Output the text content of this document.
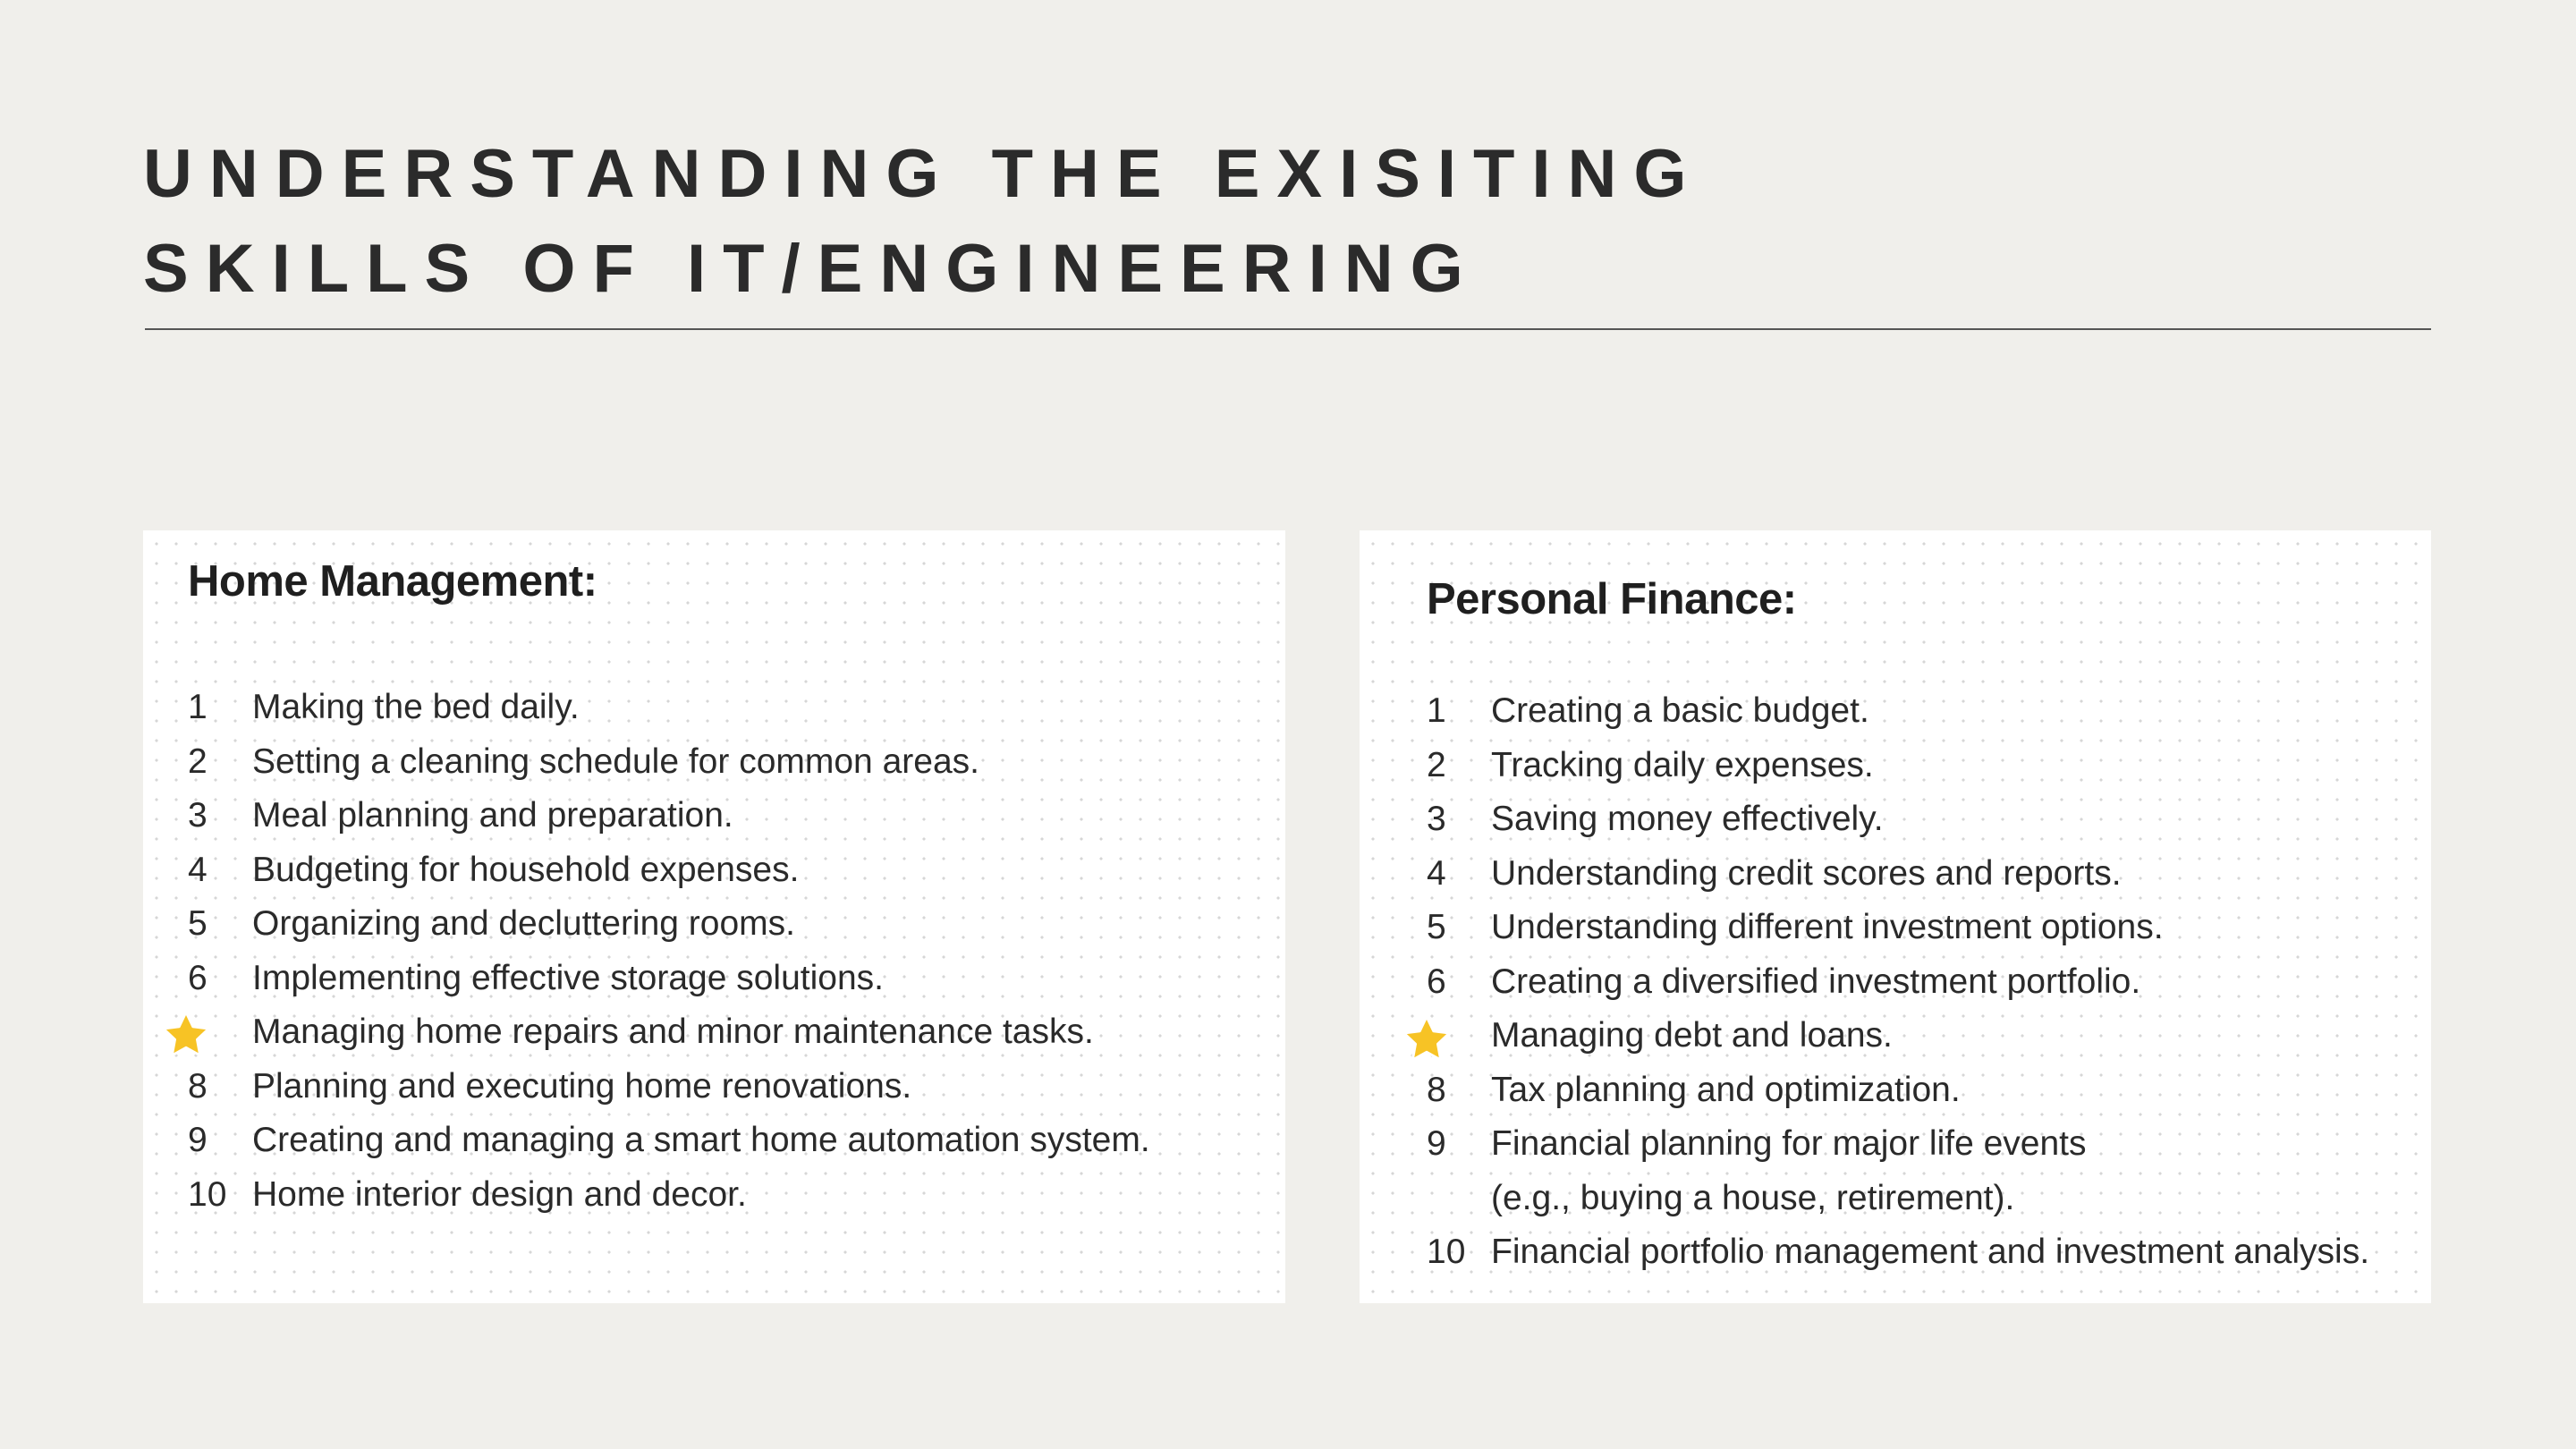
UNDERSTANDING THE EXISITING
SKILLS OF IT/ENGINEERING
Home Management:
1	Making the bed daily.
2	Setting a cleaning schedule for common areas.
3	Meal planning and preparation.
4	Budgeting for household expenses.
5	Organizing and decluttering rooms.
6	Implementing effective storage solutions.
Managing home repairs and minor maintenance tasks.
8	Planning and executing home renovations.
9	Creating and managing a smart home automation system.
10 Home interior design and decor.
Personal Finance:
1	Creating a basic budget.
2	Tracking daily expenses.
3	Saving money effectively.
4	Understanding credit scores and reports.
5	Understanding different investment options.
6	Creating a diversified investment portfolio.
Managing debt and loans.
8	Tax planning and optimization.
9	Financial planning for major life events
(e.g., buying a house, retirement).
10 Financial portfolio management and investment analysis.
